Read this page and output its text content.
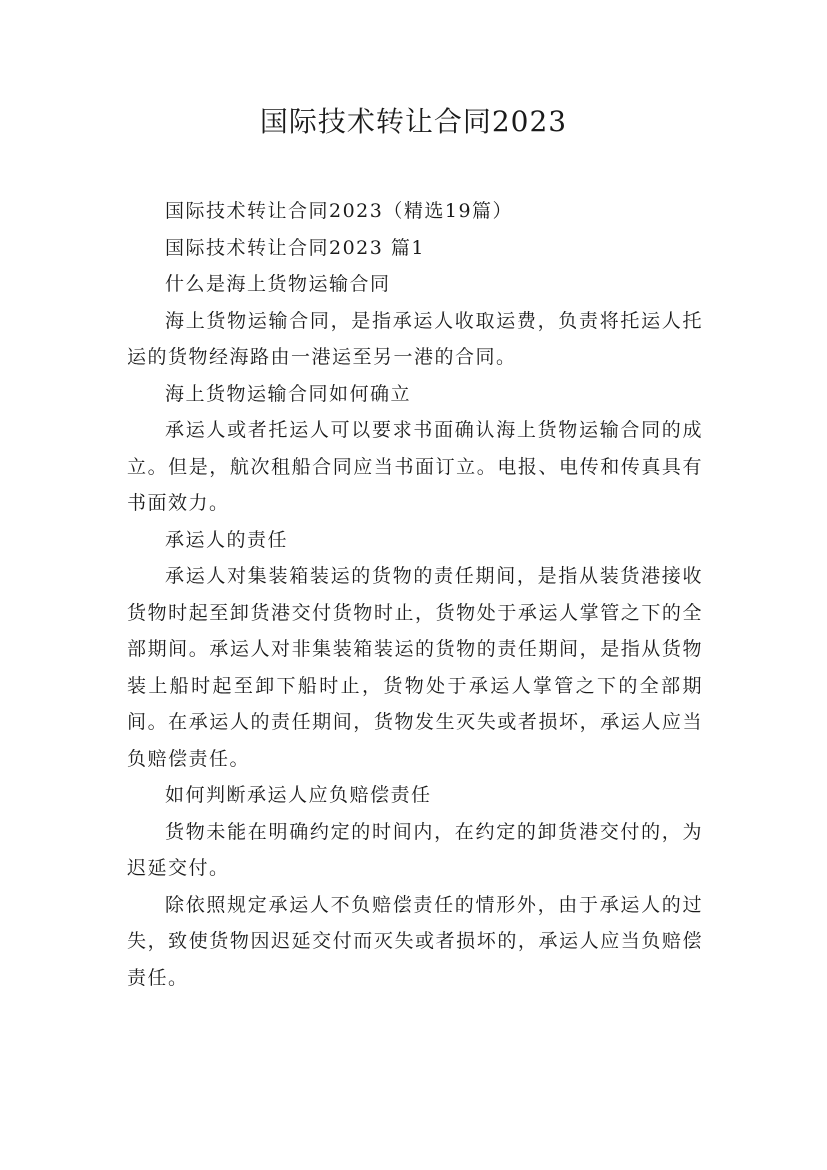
国际技术转让合同2023

国际技术转让合同2023（精选19篇）

国际技术转让合同2023 篇1

什么是海上货物运输合同

海上货物运输合同，是指承运人收取运费，负责将托运人托运的货物经海路由一港运至另一港的合同。

海上货物运输合同如何确立

承运人或者托运人可以要求书面确认海上货物运输合同的成立。但是，航次租船合同应当书面订立。电报、电传和传真具有书面效力。

承运人的责任

承运人对集装箱装运的货物的责任期间，是指从装货港接收货物时起至卸货港交付货物时止，货物处于承运人掌管之下的全部期间。承运人对非集装箱装运的货物的责任期间，是指从货物装上船时起至卸下船时止，货物处于承运人掌管之下的全部期间。在承运人的责任期间，货物发生灭失或者损坏，承运人应当负赔偿责任。

如何判断承运人应负赔偿责任

货物未能在明确约定的时间内，在约定的卸货港交付的，为迟延交付。

除依照规定承运人不负赔偿责任的情形外，由于承运人的过失，致使货物因迟延交付而灭失或者损坏的，承运人应当负赔偿责任。
